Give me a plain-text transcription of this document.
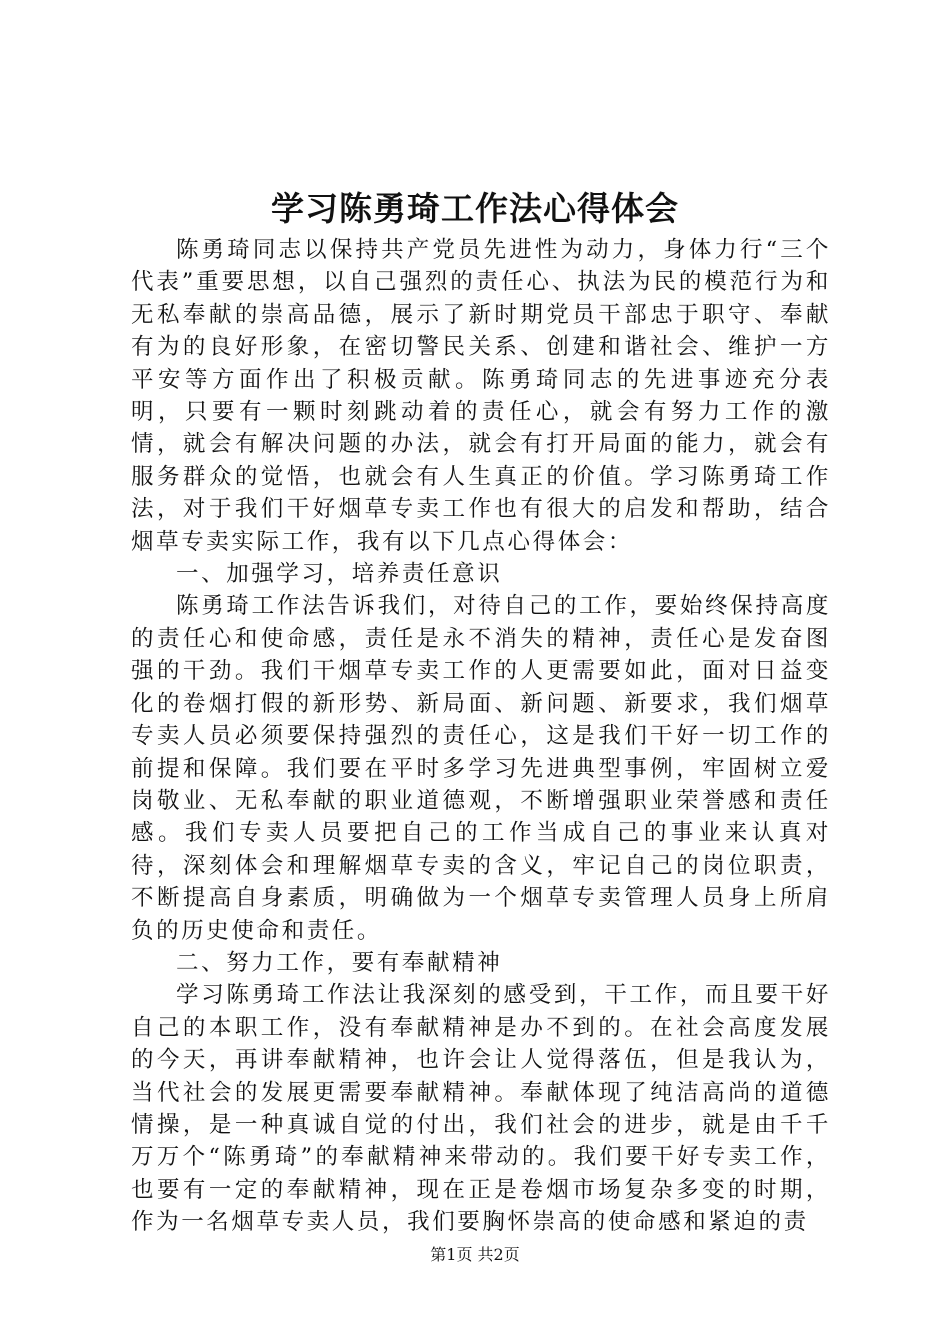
学习陈勇琦工作法心得体会

陈勇琦同志以保持共产党员先进性为动力，身体力行“三个代表”重要思想，以自己强烈的责任心、执法为民的模范行为和无私奉献的崇高品德，展示了新时期党员干部忠于职守、奉献有为的良好形象，在密切警民关系、创建和谐社会、维护一方平安等方面作出了积极贡献。陈勇琦同志的先进事迹充分表明，只要有一颗时刻跳动着的责任心，就会有努力工作的激情，就会有解决问题的办法，就会有打开局面的能力，就会有服务群众的觉悟，也就会有人生真正的价值。学习陈勇琦工作法，对于我们干好烟草专卖工作也有很大的启发和帮助，结合烟草专卖实际工作，我有以下几点心得体会：

一、加强学习，培养责任意识

陈勇琦工作法告诉我们，对待自己的工作，要始终保持高度的责任心和使命感，责任是永不消失的精神，责任心是发奋图强的干劲。我们干烟草专卖工作的人更需要如此，面对日益变化的卷烟打假的新形势、新局面、新问题、新要求，我们烟草专卖人员必须要保持强烈的责任心，这是我们干好一切工作的前提和保障。我们要在平时多学习先进典型事例，牢固树立爱岗敬业、无私奉献的职业道德观，不断增强职业荣誉感和责任感。我们专卖人员要把自己的工作当成自己的事业来认真对待，深刻体会和理解烟草专卖的含义，牢记自己的岗位职责，不断提高自身素质，明确做为一个烟草专卖管理人员身上所肩负的历史使命和责任。

二、努力工作，要有奉献精神

学习陈勇琦工作法让我深刻的感受到，干工作，而且要干好自己的本职工作，没有奉献精神是办不到的。在社会高度发展的今天，再讲奉献精神，也许会让人觉得落伍，但是我认为，当代社会的发展更需要奉献精神。奉献体现了纯洁高尚的道德情操，是一种真诚自觉的付出，我们社会的进步，就是由千千万万个“陈勇琦”的奉献精神来带动的。我们要干好专卖工作，也要有一定的奉献精神，现在正是卷烟市场复杂多变的时期，作为一名烟草专卖人员，我们要胸怀崇高的使命感和紧迫的责

第1页 共2页
